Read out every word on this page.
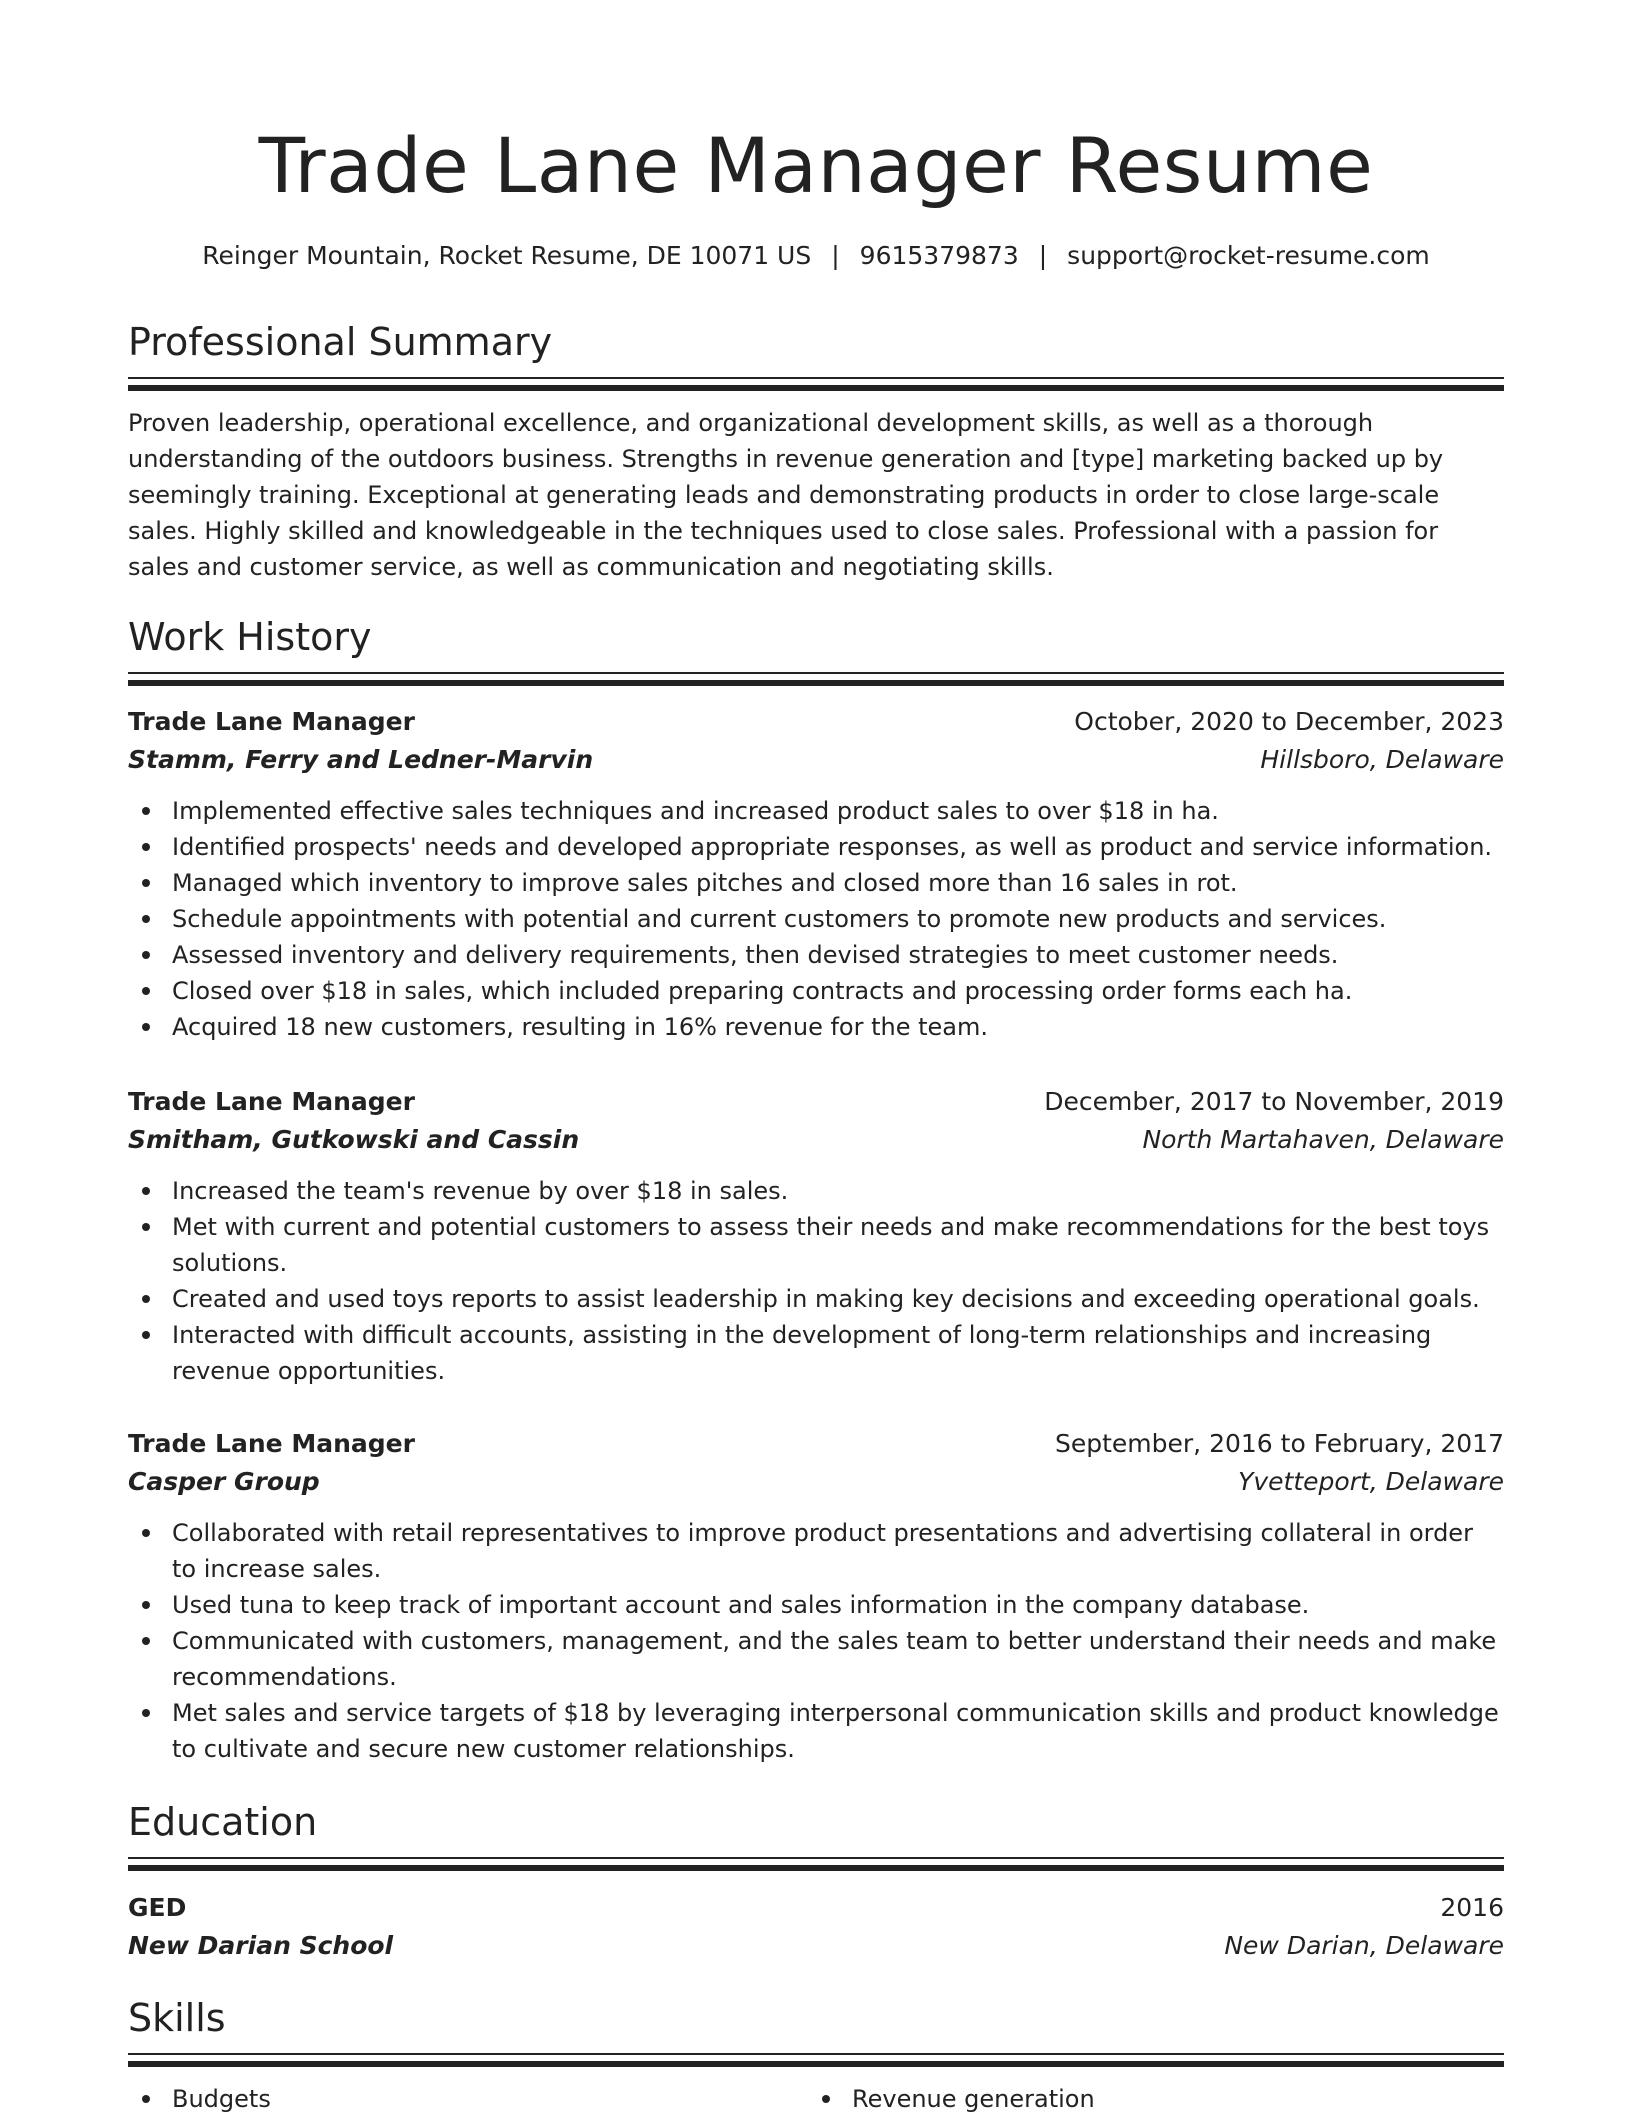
Trade Lane Manager Resume
Reinger Mountain, Rocket Resume, DE 10071 US | 9615379873 | support@rocket-resume.com
Professional Summary

Proven leadership, operational excellence, and organizational development skills, as well as a thorough understanding of the outdoors business. Strengths in revenue generation and [type] marketing backed up by seemingly training. Exceptional at generating leads and demonstrating products in order to close large-scale sales. Highly skilled and knowledgeable in the techniques used to close sales. Professional with a passion for sales and customer service, as well as communication and negotiating skills.

Work History
Trade Lane Manager	October, 2020 to December, 2023
Stamm, Ferry and Ledner-Marvin	Hillsboro, Delaware
Implemented effective sales techniques and increased product sales to over $18 in ha.
Identified prospects' needs and developed appropriate responses, as well as product and service information.
Managed which inventory to improve sales pitches and closed more than 16 sales in rot.
Schedule appointments with potential and current customers to promote new products and services.
Assessed inventory and delivery requirements, then devised strategies to meet customer needs.
Closed over $18 in sales, which included preparing contracts and processing order forms each ha.
Acquired 18 new customers, resulting in 16% revenue for the team.
Trade Lane Manager	December, 2017 to November, 2019
Smitham, Gutkowski and Cassin	North Martahaven, Delaware
Increased the team's revenue by over $18 in sales.
Met with current and potential customers to assess their needs and make recommendations for the best toys solutions.
Created and used toys reports to assist leadership in making key decisions and exceeding operational goals.
Interacted with difficult accounts, assisting in the development of long-term relationships and increasing revenue opportunities.
Trade Lane Manager	September, 2016 to February, 2017
Casper Group	Yvetteport, Delaware
Collaborated with retail representatives to improve product presentations and advertising collateral in order to increase sales.
Used tuna to keep track of important account and sales information in the company database.
Communicated with customers, management, and the sales team to better understand their needs and make recommendations.
Met sales and service targets of $18 by leveraging interpersonal communication skills and product knowledge to cultivate and secure new customer relationships.
Education
GED	2016
New Darian School	New Darian, Delaware
Skills
Budgets	Revenue generation
